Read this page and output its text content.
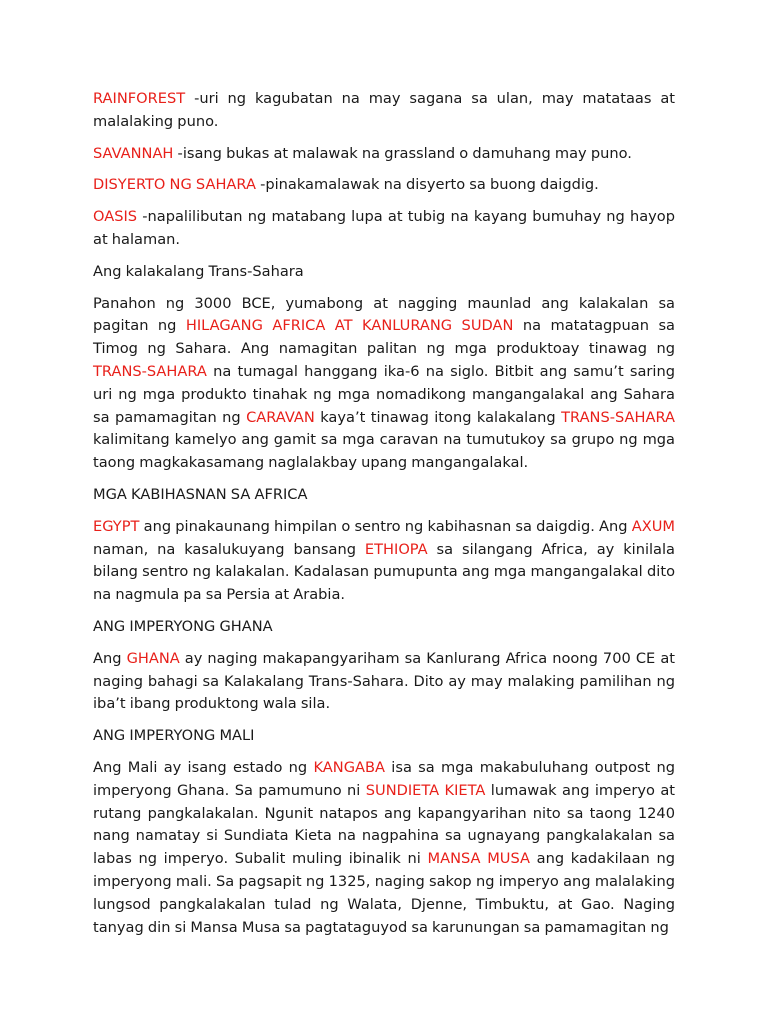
RAINFOREST -uri ng kagubatan na may sagana sa ulan, may matataas at malalaking puno.

SAVANNAH -isang bukas at malawak na grassland o damuhang may puno.

DISYERTO NG SAHARA -pinakamalawak na disyerto sa buong daigdig.

OASIS -napalilibutan ng matabang lupa at tubig na kayang bumuhay ng hayop at halaman.

Ang kalakalang Trans-Sahara

Panahon ng 3000 BCE, yumabong at nagging maunlad ang kalakalan sa pagitan ng HILAGANG AFRICA AT KANLURANG SUDAN na matatagpuan sa Timog ng Sahara. Ang namagitan palitan ng mga produktoay tinawag ng TRANS-SAHARA na tumagal hanggang ika-6 na siglo. Bitbit ang samu’t saring uri ng mga produkto tinahak ng mga nomadikong mangangalakal ang Sahara sa pamamagitan ng CARAVAN kaya’t tinawag itong kalakalang TRANS-SAHARA kalimitang kamelyo ang gamit sa mga caravan na tumutukoy sa grupo ng mga taong magkakasamang naglalakbay upang mangangalakal.

MGA KABIHASNAN SA AFRICA

EGYPT ang pinakaunang himpilan o sentro ng kabihasnan sa daigdig. Ang AXUM naman, na kasalukuyang bansang ETHIOPA sa silangang Africa, ay kinilala bilang sentro ng kalakalan. Kadalasan pumupunta ang mga mangangalakal dito na nagmula pa sa Persia at Arabia.

ANG IMPERYONG GHANA

Ang GHANA ay naging makapangyariham sa Kanlurang Africa noong 700 CE at naging bahagi sa Kalakalang Trans-Sahara. Dito ay may malaking pamilihan ng iba’t ibang produktong wala sila.

ANG IMPERYONG MALI

Ang Mali ay isang estado ng KANGABA isa sa mga makabuluhang outpost ng imperyong Ghana. Sa pamumuno ni SUNDIETA KIETA lumawak ang imperyo at rutang pangkalakalan. Ngunit natapos ang kapangyarihan nito sa taong 1240 nang namatay si Sundiata Kieta na nagpahina sa ugnayang pangkalakalan sa labas ng imperyo. Subalit muling ibinalik ni MANSA MUSA ang kadakilaan ng imperyong mali. Sa pagsapit ng 1325, naging sakop ng imperyo ang malalaking lungsod pangkalakalan tulad ng Walata, Djenne, Timbuktu, at Gao. Naging tanyag din si Mansa Musa sa pagtataguyod sa karunungan sa pamamagitan ng
